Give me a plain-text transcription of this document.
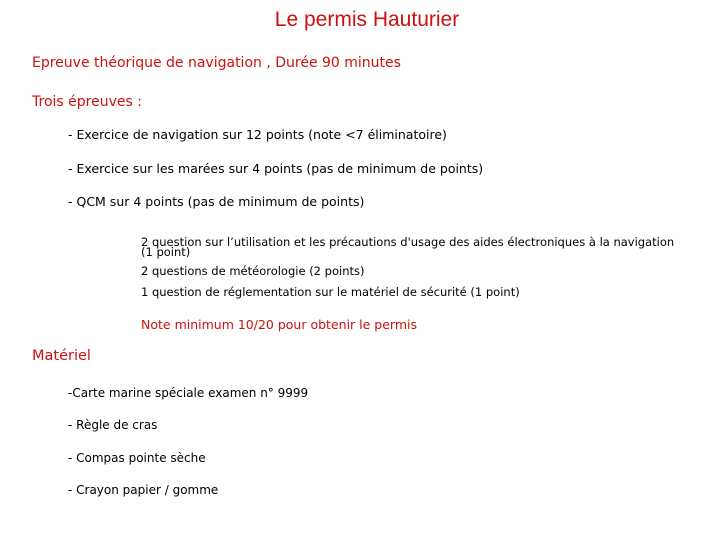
Le permis Hauturier
Epreuve théorique de navigation , Durée 90 minutes
Trois épreuves :
- Exercice de navigation sur 12 points (note <7 éliminatoire)
- Exercice sur les marées sur 4 points (pas de minimum de points)
- QCM sur 4 points (pas de minimum de points)
2 question sur l’utilisation et les précautions d'usage des aides électroniques à la navigation
(1 point)
2 questions de météorologie (2 points)
1 question de réglementation sur le matériel de sécurité (1 point)
Note minimum 10/20 pour obtenir le permis
Matériel
-Carte marine spéciale examen n° 9999
- Règle de cras
- Compas pointe sèche
- Crayon papier / gomme
